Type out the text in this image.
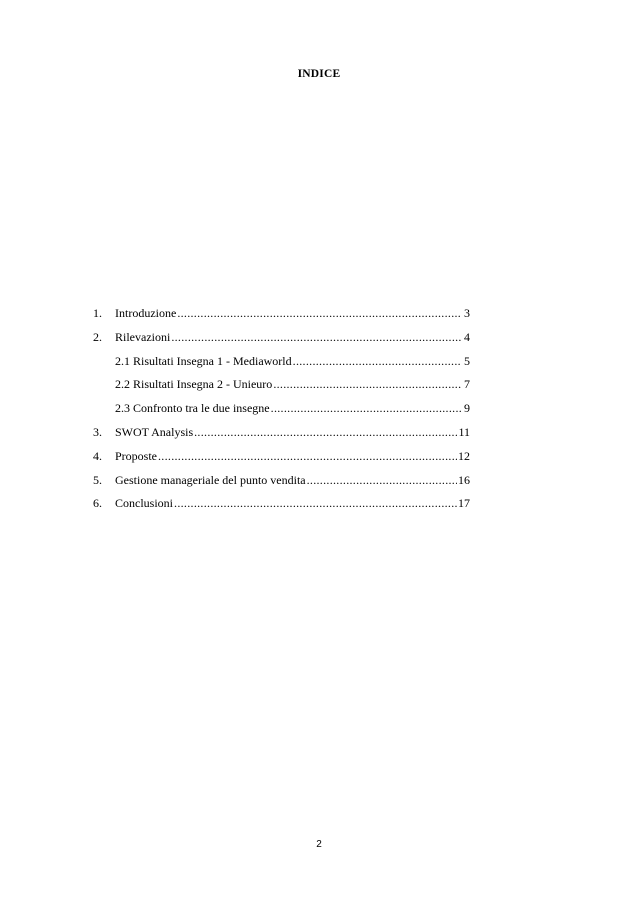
INDICE
1.	Introduzione .....	3
2.	Rilevazioni .....	4
2.1 Risultati Insegna 1 - Mediaworld .....	5
2.2 Risultati Insegna 2 - Unieuro .....	7
2.3 Confronto tra le due insegne .....	9
3.	SWOT Analysis .....	11
4.	Proposte .....	12
5.	Gestione manageriale del punto vendita .....	16
6.	Conclusioni .....	17
2
